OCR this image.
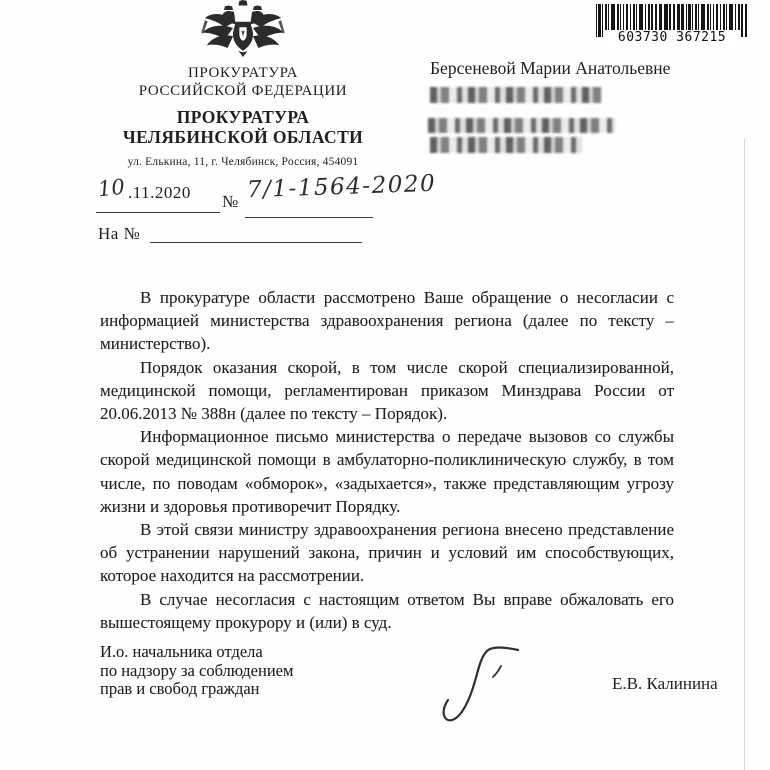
ПРОКУРАТУРА
РОССИЙСКОЙ ФЕДЕРАЦИИ
ПРОКУРАТУРА
ЧЕЛЯБИНСКОЙ ОБЛАСТИ
ул. Елькина, 11, г. Челябинск, Россия, 454091
603730 367215
Берсеневой Марии Анатольевне
10 .11.2020 № 7/1-1564-2020
На №

В прокуратуре области рассмотрено Ваше обращение о несогласии с информацией министерства здравоохранения региона (далее по тексту – министерство).

Порядок оказания скорой, в том числе скорой специализированной, медицинской помощи, регламентирован приказом Минздрава России от 20.06.2013 № 388н (далее по тексту – Порядок).

Информационное письмо министерства о передаче вызовов со службы скорой медицинской помощи в амбулаторно-поликлиническую службу, в том числе, по поводам «обморок», «задыхается», также представляющим угрозу жизни и здоровья противоречит Порядку.

В этой связи министру здравоохранения региона внесено представление об устранении нарушений закона, причин и условий им способствующих, которое находится на рассмотрении.

В случае несогласия с настоящим ответом Вы вправе обжаловать его вышестоящему прокурору и (или) в суд.

И.о. начальника отдела
по надзору за соблюдением
прав и свобод граждан	Е.В. Калинина
